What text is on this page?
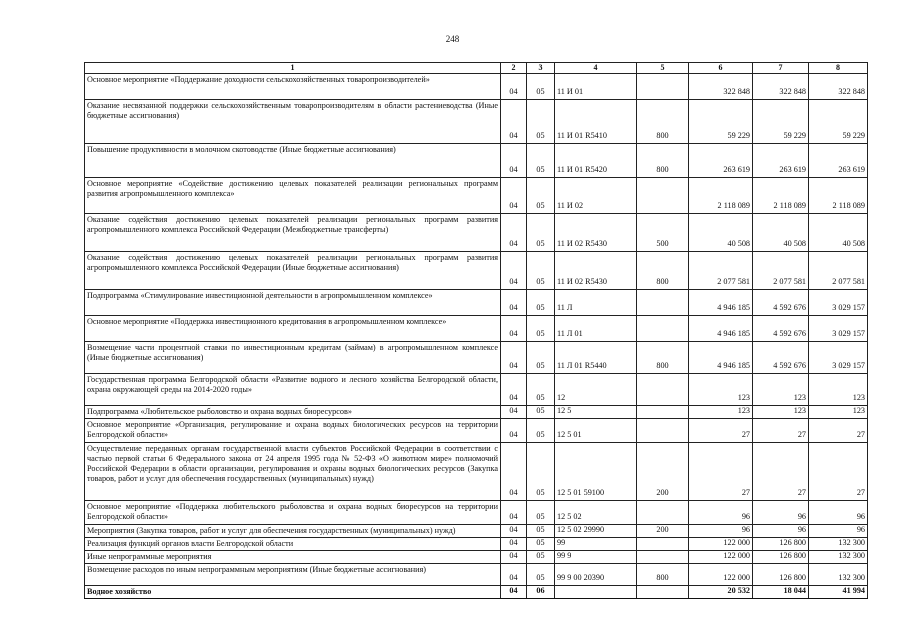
248
1	2	3	4	5	6	7	8
Основное мероприятие «Поддержание доходности сельскохозяйственных товаропроизводителей»	04	05	11 И 01		322 848	322 848	322 848
Оказание несвязанной поддержки сельскохозяйственным товаропроизводителям в области растениеводства (Иные бюджетные ассигнования)	04	05	11 И 01 R5410	800	59 229	59 229	59 229
Повышение продуктивности в молочном скотоводстве (Иные бюджетные ассигнования)	04	05	11 И 01 R5420	800	263 619	263 619	263 619
Основное мероприятие «Содействие достижению целевых показателей реализации региональных программ развития агропромышленного комплекса»	04	05	11 И 02		2 118 089	2 118 089	2 118 089
Оказание содействия достижению целевых показателей реализации региональных программ развития агропромышленного комплекса Российской Федерации (Межбюджетные трансферты)	04	05	11 И 02 R5430	500	40 508	40 508	40 508
Оказание содействия достижению целевых показателей реализации региональных программ развития агропромышленного комплекса Российской Федерации (Иные бюджетные ассигнования)	04	05	11 И 02 R5430	800	2 077 581	2 077 581	2 077 581
Подпрограмма «Стимулирование инвестиционной деятельности в агропромышленном комплексе»	04	05	11 Л		4 946 185	4 592 676	3 029 157
Основное мероприятие «Поддержка инвестиционного кредитования в агропромышленном комплексе»	04	05	11 Л 01		4 946 185	4 592 676	3 029 157
Возмещение части процентной ставки по инвестиционным кредитам (займам) в агропромышленном комплексе (Иные бюджетные ассигнования)	04	05	11 Л 01 R5440	800	4 946 185	4 592 676	3 029 157
Государственная программа Белгородской области «Развитие водного и лесного хозяйства Белгородской области, охрана окружающей среды на 2014-2020 годы»	04	05	12		123	123	123
Подпрограмма «Любительское рыболовство и охрана водных биоресурсов»	04	05	12 5		123	123	123
Основное мероприятие «Организация, регулирование и охрана водных биологических ресурсов на территории Белгородской области»	04	05	12 5 01		27	27	27
Осуществление переданных органам государственной власти субъектов Российской Федерации в соответствии с частью первой статьи 6 Федерального закона от 24 апреля 1995 года № 52-ФЗ «О животном мире» полномочий Российской Федерации в области организации, регулирования и охраны водных биологических ресурсов (Закупка товаров, работ и услуг для обеспечения государственных (муниципальных) нужд)	04	05	12 5 01 59100	200	27	27	27
Основное мероприятие «Поддержка любительского рыболовства и охрана водных биоресурсов на территории Белгородской области»	04	05	12 5 02		96	96	96
Мероприятия (Закупка товаров, работ и услуг для обеспечения государственных (муниципальных) нужд)	04	05	12 5 02 29990	200	96	96	96
Реализация функций органов власти Белгородской области	04	05	99		122 000	126 800	132 300
Иные непрограммные мероприятия	04	05	99 9		122 000	126 800	132 300
Возмещение расходов по иным непрограммным мероприятиям (Иные бюджетные ассигнования)	04	05	99 9 00 20390	800	122 000	126 800	132 300
Водное хозяйство	04	06			20 532	18 044	41 994
